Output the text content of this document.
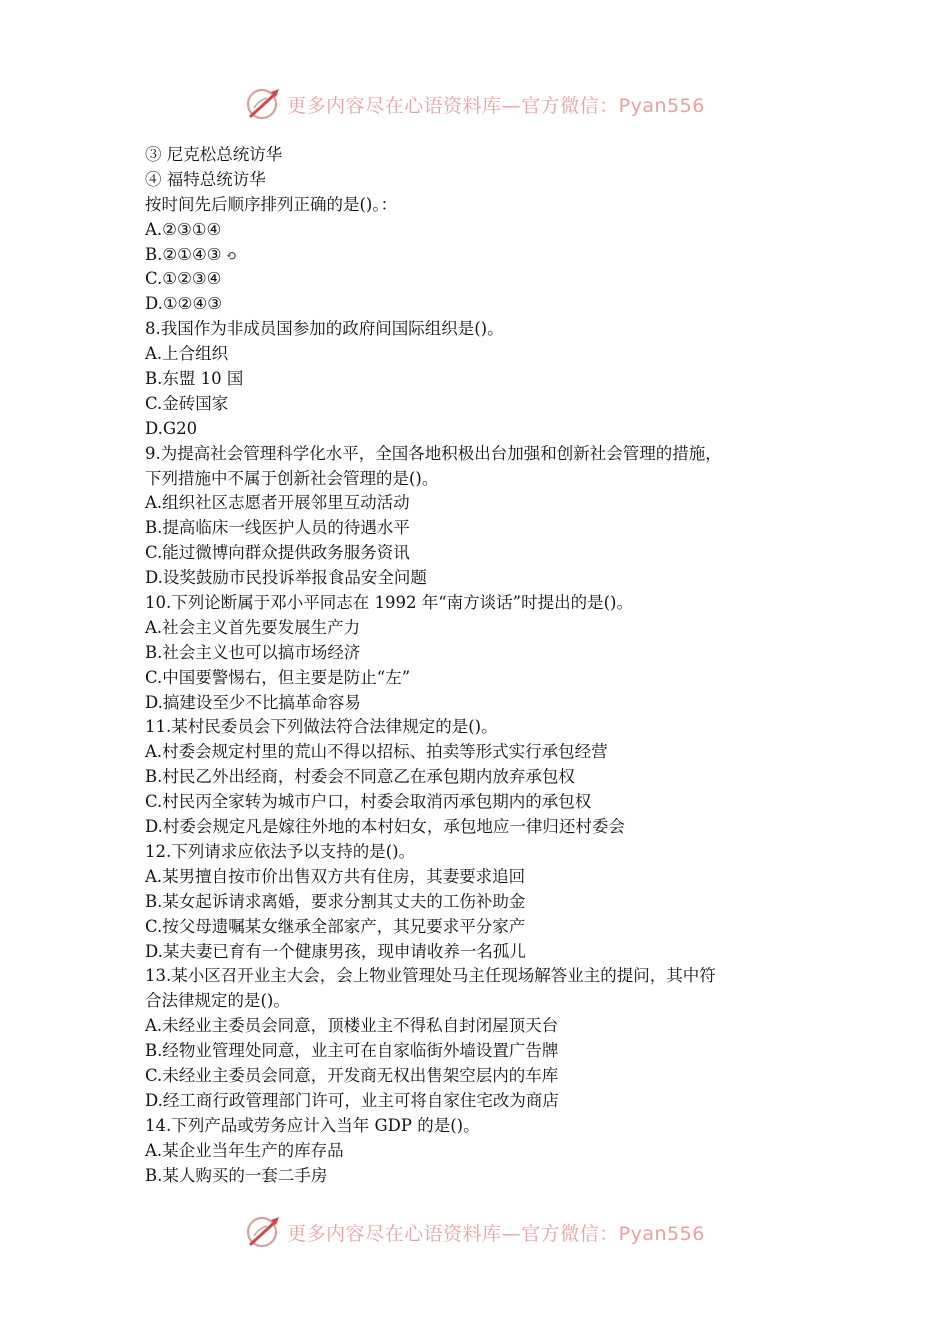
更多内容尽在心语资料库—官方微信：Pyan556
③ 尼克松总统访华
④ 福特总统访华
按时间先后顺序排列正确的是()。：
A.②③①④
B.②①④③ ⟲
C.①②③④
D.①②④③
8.我国作为非成员国参加的政府间国际组织是()。
A.上合组织
B.东盟 10 国
C.金砖国家
D.G20
9.为提高社会管理科学化水平，全国各地积极出台加强和创新社会管理的措施，
下列措施中不属于创新社会管理的是()。
A.组织社区志愿者开展邻里互动活动
B.提高临床一线医护人员的待遇水平
C.能过微博向群众提供政务服务资讯
D.设奖鼓励市民投诉举报食品安全问题
10.下列论断属于邓小平同志在 1992 年“南方谈话”时提出的是()。
A.社会主义首先要发展生产力
B.社会主义也可以搞市场经济
C.中国要警惕右，但主要是防止“左”
D.搞建设至少不比搞革命容易
11.某村民委员会下列做法符合法律规定的是()。
A.村委会规定村里的荒山不得以招标、拍卖等形式实行承包经营
B.村民乙外出经商，村委会不同意乙在承包期内放弃承包权
C.村民丙全家转为城市户口，村委会取消丙承包期内的承包权
D.村委会规定凡是嫁往外地的本村妇女，承包地应一律归还村委会
12.下列请求应依法予以支持的是()。
A.某男擅自按市价出售双方共有住房，其妻要求追回
B.某女起诉请求离婚，要求分割其丈夫的工伤补助金
C.按父母遗嘱某女继承全部家产，其兄要求平分家产
D.某夫妻已育有一个健康男孩，现申请收养一名孤儿
13.某小区召开业主大会，会上物业管理处马主任现场解答业主的提问，其中符
合法律规定的是()。
A.未经业主委员会同意，顶楼业主不得私自封闭屋顶天台
B.经物业管理处同意，业主可在自家临街外墙设置广告牌
C.未经业主委员会同意，开发商无权出售架空层内的车库
D.经工商行政管理部门许可，业主可将自家住宅改为商店
14.下列产品或劳务应计入当年 GDP 的是()。
A.某企业当年生产的库存品
B.某人购买的一套二手房
更多内容尽在心语资料库—官方微信：Pyan556
